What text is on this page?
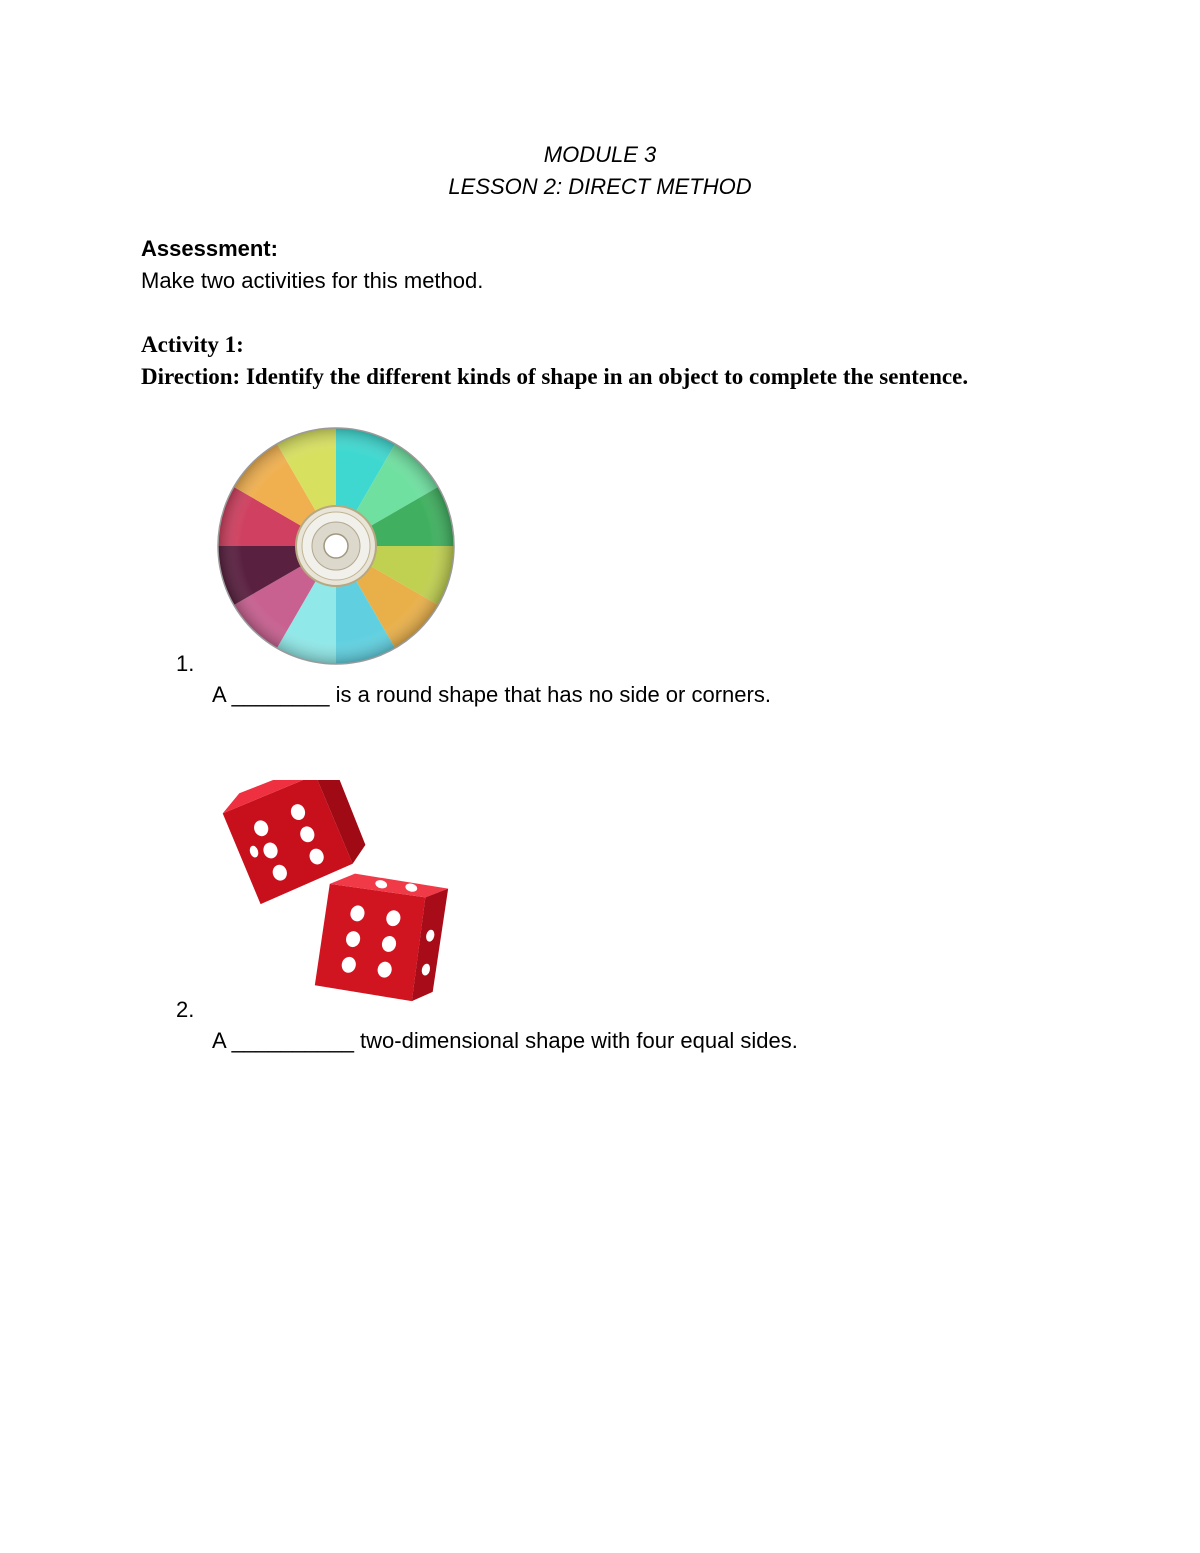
MODULE 3
LESSON 2: DIRECT METHOD
Assessment:
Make two activities for this method.
Activity 1:
Direction: Identify the different kinds of shape in an object to complete the sentence.
1.
A ________ is a round shape that has no side or corners.
2.
A __________ two-dimensional shape with four equal sides.
